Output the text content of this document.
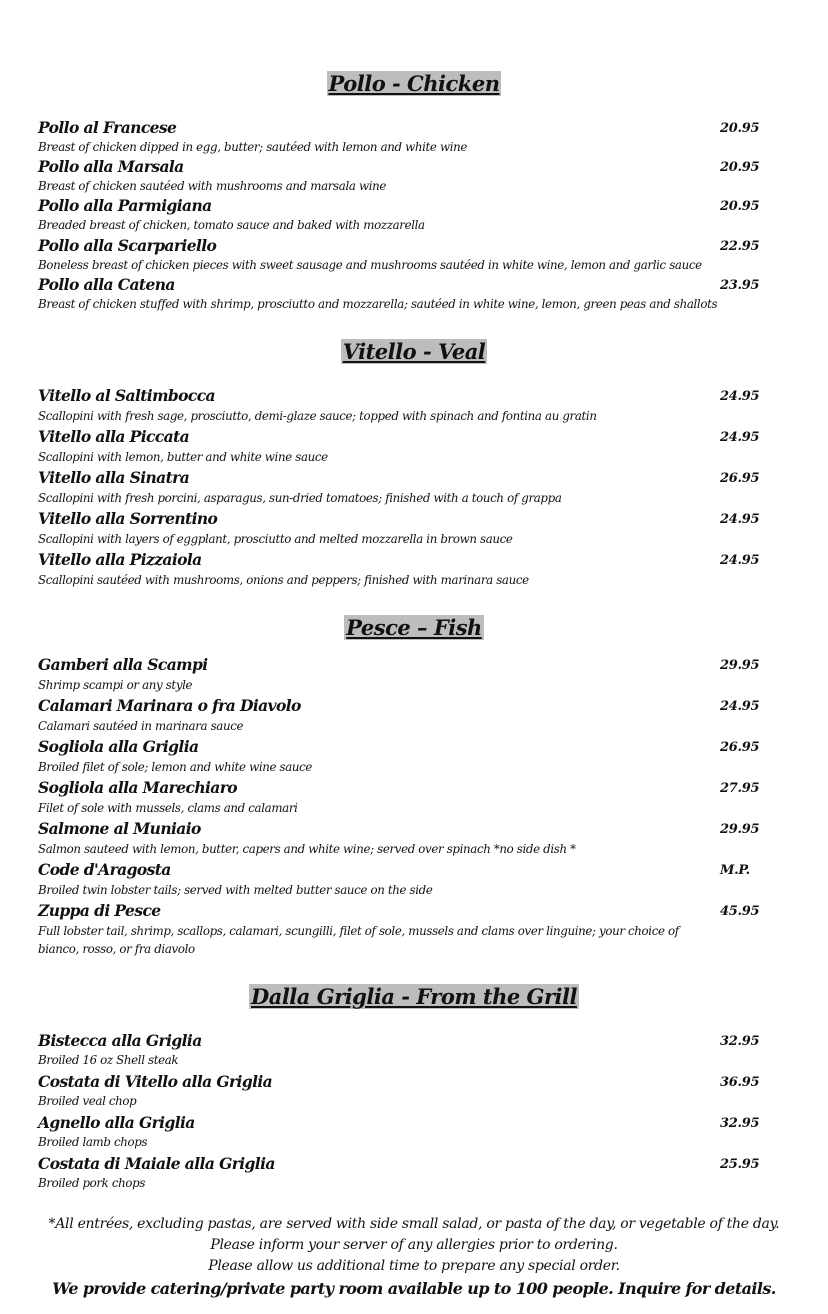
Pollo - Chicken
Pollo al Francese	20.95
Breast of chicken dipped in egg, butter; sautéed with lemon and white wine
Pollo alla Marsala	20.95
Breast of chicken sautéed with mushrooms and marsala wine
Pollo alla Parmigiana	20.95
Breaded breast of chicken, tomato sauce and baked with mozzarella
Pollo alla Scarpariello	22.95
Boneless breast of chicken pieces with sweet sausage and mushrooms sautéed in white wine, lemon and garlic sauce
Pollo alla Catena	23.95
Breast of chicken stuffed with shrimp, prosciutto and mozzarella; sautéed in white wine, lemon, green peas and shallots
Vitello - Veal
Vitello al Saltimbocca	24.95
Scallopini with fresh sage, prosciutto, demi-glaze sauce; topped with spinach and fontina au gratin
Vitello alla Piccata	24.95
Scallopini with lemon, butter and white wine sauce
Vitello alla Sinatra	26.95
Scallopini with fresh porcini, asparagus, sun-dried tomatoes; finished with a touch of grappa
Vitello alla Sorrentino	24.95
Scallopini with layers of eggplant, prosciutto and melted mozzarella in brown sauce
Vitello alla Pizzaiola	24.95
Scallopini sautéed with mushrooms, onions and peppers; finished with marinara sauce
Pesce – Fish
Gamberi alla Scampi	29.95
Shrimp scampi or any style
Calamari Marinara o fra Diavolo	24.95
Calamari sautéed in marinara sauce
Sogliola alla Griglia	26.95
Broiled filet of sole; lemon and white wine sauce
Sogliola alla Marechiaro	27.95
Filet of sole with mussels, clams and calamari
Salmone al Muniaio	29.95
Salmon sauteed with lemon, butter, capers and white wine; served over spinach *no side dish *
Code d'Aragosta	M.P.
Broiled twin lobster tails; served with melted butter sauce on the side
Zuppa di Pesce	45.95
Full lobster tail, shrimp, scallops, calamari, scungilli, filet of sole, mussels and clams over linguine; your choice of bianco, rosso, or fra diavolo
Dalla Griglia - From the Grill
Bistecca alla Griglia	32.95
Broiled 16 oz Shell steak
Costata di Vitello alla Griglia	36.95
Broiled veal chop
Agnello alla Griglia	32.95
Broiled lamb chops
Costata di Maiale alla Griglia	25.95
Broiled pork chops
*All entrées, excluding pastas, are served with side small salad, or pasta of the day, or vegetable of the day.
Please inform your server of any allergies prior to ordering.
Please allow us additional time to prepare any special order.
We provide catering/private party room available up to 100 people. Inquire for details.
